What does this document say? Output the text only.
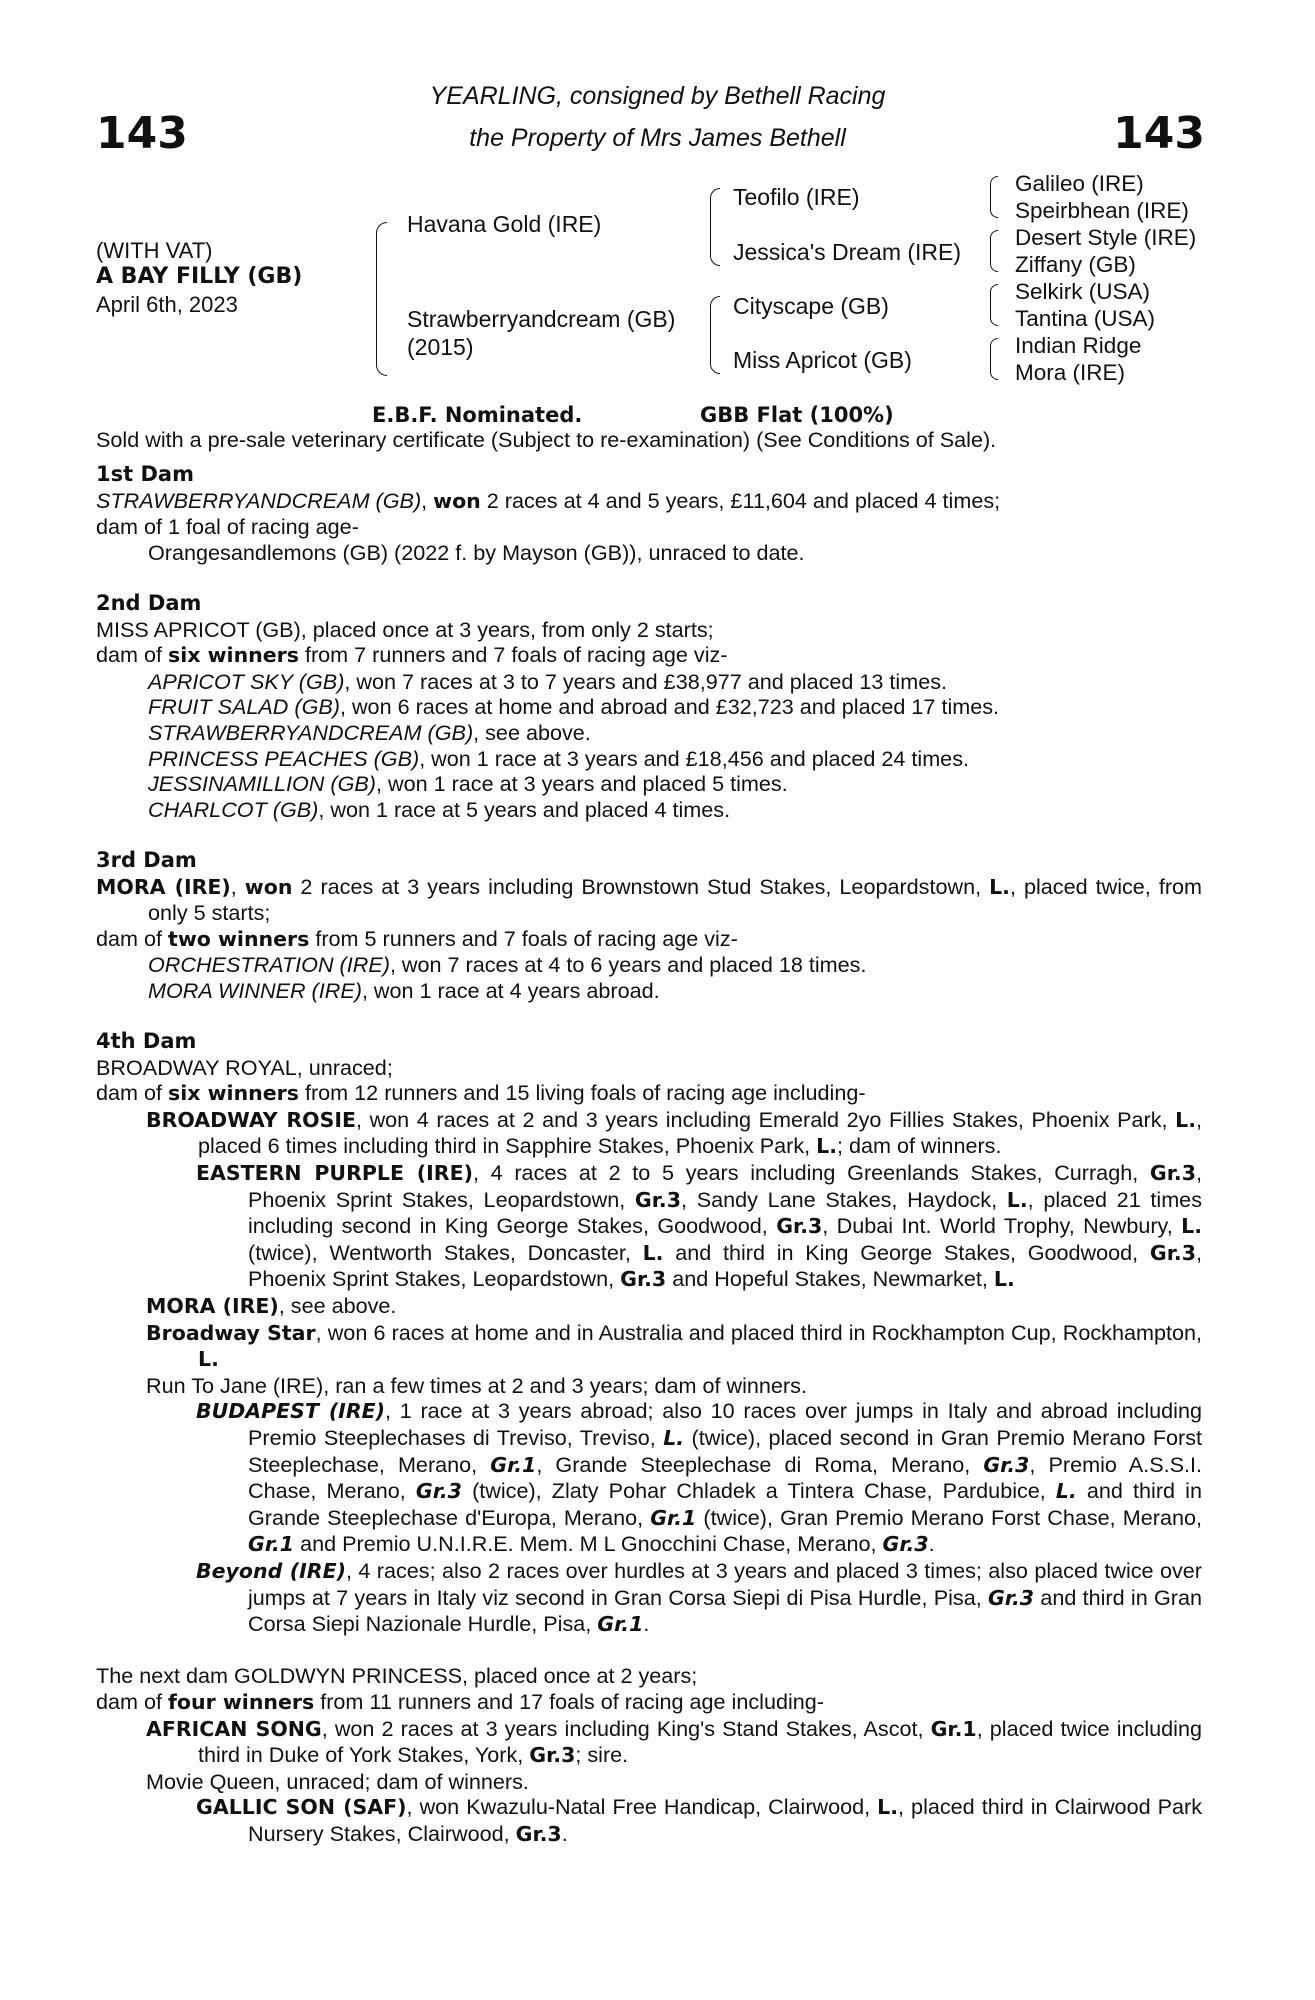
143	143
YEARLING, consigned by Bethell Racing
the Property of Mrs James Bethell
(WITH VAT)
A BAY FILLY (GB)
April 6th, 2023
Havana Gold (IRE)
Strawberryandcream (GB)
(2015)
Teofilo (IRE)
Jessica's Dream (IRE)
Cityscape (GB)
Miss Apricot (GB)
Galileo (IRE)
Speirbhean (IRE)
Desert Style (IRE)
Ziffany (GB)
Selkirk (USA)
Tantina (USA)
Indian Ridge
Mora (IRE)
E.B.F. Nominated.	GBB Flat (100%)
Sold with a pre-sale veterinary certificate (Subject to re-examination) (See Conditions of Sale).

1st Dam

STRAWBERRYANDCREAM (GB), won 2 races at 4 and 5 years, £11,604 and placed 4 times;

dam of 1 foal of racing age-

Orangesandlemons (GB) (2022 f. by Mayson (GB)), unraced to date.

2nd Dam

MISS APRICOT (GB), placed once at 3 years, from only 2 starts;

dam of six winners from 7 runners and 7 foals of racing age viz-

APRICOT SKY (GB), won 7 races at 3 to 7 years and £38,977 and placed 13 times.

FRUIT SALAD (GB), won 6 races at home and abroad and £32,723 and placed 17 times.

STRAWBERRYANDCREAM (GB), see above.

PRINCESS PEACHES (GB), won 1 race at 3 years and £18,456 and placed 24 times.

JESSINAMILLION (GB), won 1 race at 3 years and placed 5 times.

CHARLCOT (GB), won 1 race at 5 years and placed 4 times.

3rd Dam

MORA (IRE), won 2 races at 3 years including Brownstown Stud Stakes, Leopardstown, L., placed twice, from only 5 starts;

dam of two winners from 5 runners and 7 foals of racing age viz-

ORCHESTRATION (IRE), won 7 races at 4 to 6 years and placed 18 times.

MORA WINNER (IRE), won 1 race at 4 years abroad.

4th Dam

BROADWAY ROYAL, unraced;

dam of six winners from 12 runners and 15 living foals of racing age including-

BROADWAY ROSIE, won 4 races at 2 and 3 years including Emerald 2yo Fillies Stakes, Phoenix Park, L., placed 6 times including third in Sapphire Stakes, Phoenix Park, L.; dam of winners.

EASTERN PURPLE (IRE), 4 races at 2 to 5 years including Greenlands Stakes, Curragh, Gr.3, Phoenix Sprint Stakes, Leopardstown, Gr.3, Sandy Lane Stakes, Haydock, L., placed 21 times including second in King George Stakes, Goodwood, Gr.3, Dubai Int. World Trophy, Newbury, L. (twice), Wentworth Stakes, Doncaster, L. and third in King George Stakes, Goodwood, Gr.3, Phoenix Sprint Stakes, Leopardstown, Gr.3 and Hopeful Stakes, Newmarket, L.

MORA (IRE), see above.

Broadway Star, won 6 races at home and in Australia and placed third in Rockhampton Cup, Rockhampton, L.

Run To Jane (IRE), ran a few times at 2 and 3 years; dam of winners.

BUDAPEST (IRE), 1 race at 3 years abroad; also 10 races over jumps in Italy and abroad including Premio Steeplechases di Treviso, Treviso, L. (twice), placed second in Gran Premio Merano Forst Steeplechase, Merano, Gr.1, Grande Steeplechase di Roma, Merano, Gr.3, Premio A.S.S.I. Chase, Merano, Gr.3 (twice), Zlaty Pohar Chladek a Tintera Chase, Pardubice, L. and third in Grande Steeplechase d'Europa, Merano, Gr.1 (twice), Gran Premio Merano Forst Chase, Merano, Gr.1 and Premio U.N.I.R.E. Mem. M L Gnocchini Chase, Merano, Gr.3.

Beyond (IRE), 4 races; also 2 races over hurdles at 3 years and placed 3 times; also placed twice over jumps at 7 years in Italy viz second in Gran Corsa Siepi di Pisa Hurdle, Pisa, Gr.3 and third in Gran Corsa Siepi Nazionale Hurdle, Pisa, Gr.1.

The next dam GOLDWYN PRINCESS, placed once at 2 years;

dam of four winners from 11 runners and 17 foals of racing age including-

AFRICAN SONG, won 2 races at 3 years including King's Stand Stakes, Ascot, Gr.1, placed twice including third in Duke of York Stakes, York, Gr.3; sire.

Movie Queen, unraced; dam of winners.

GALLIC SON (SAF), won Kwazulu-Natal Free Handicap, Clairwood, L., placed third in Clairwood Park Nursery Stakes, Clairwood, Gr.3.
